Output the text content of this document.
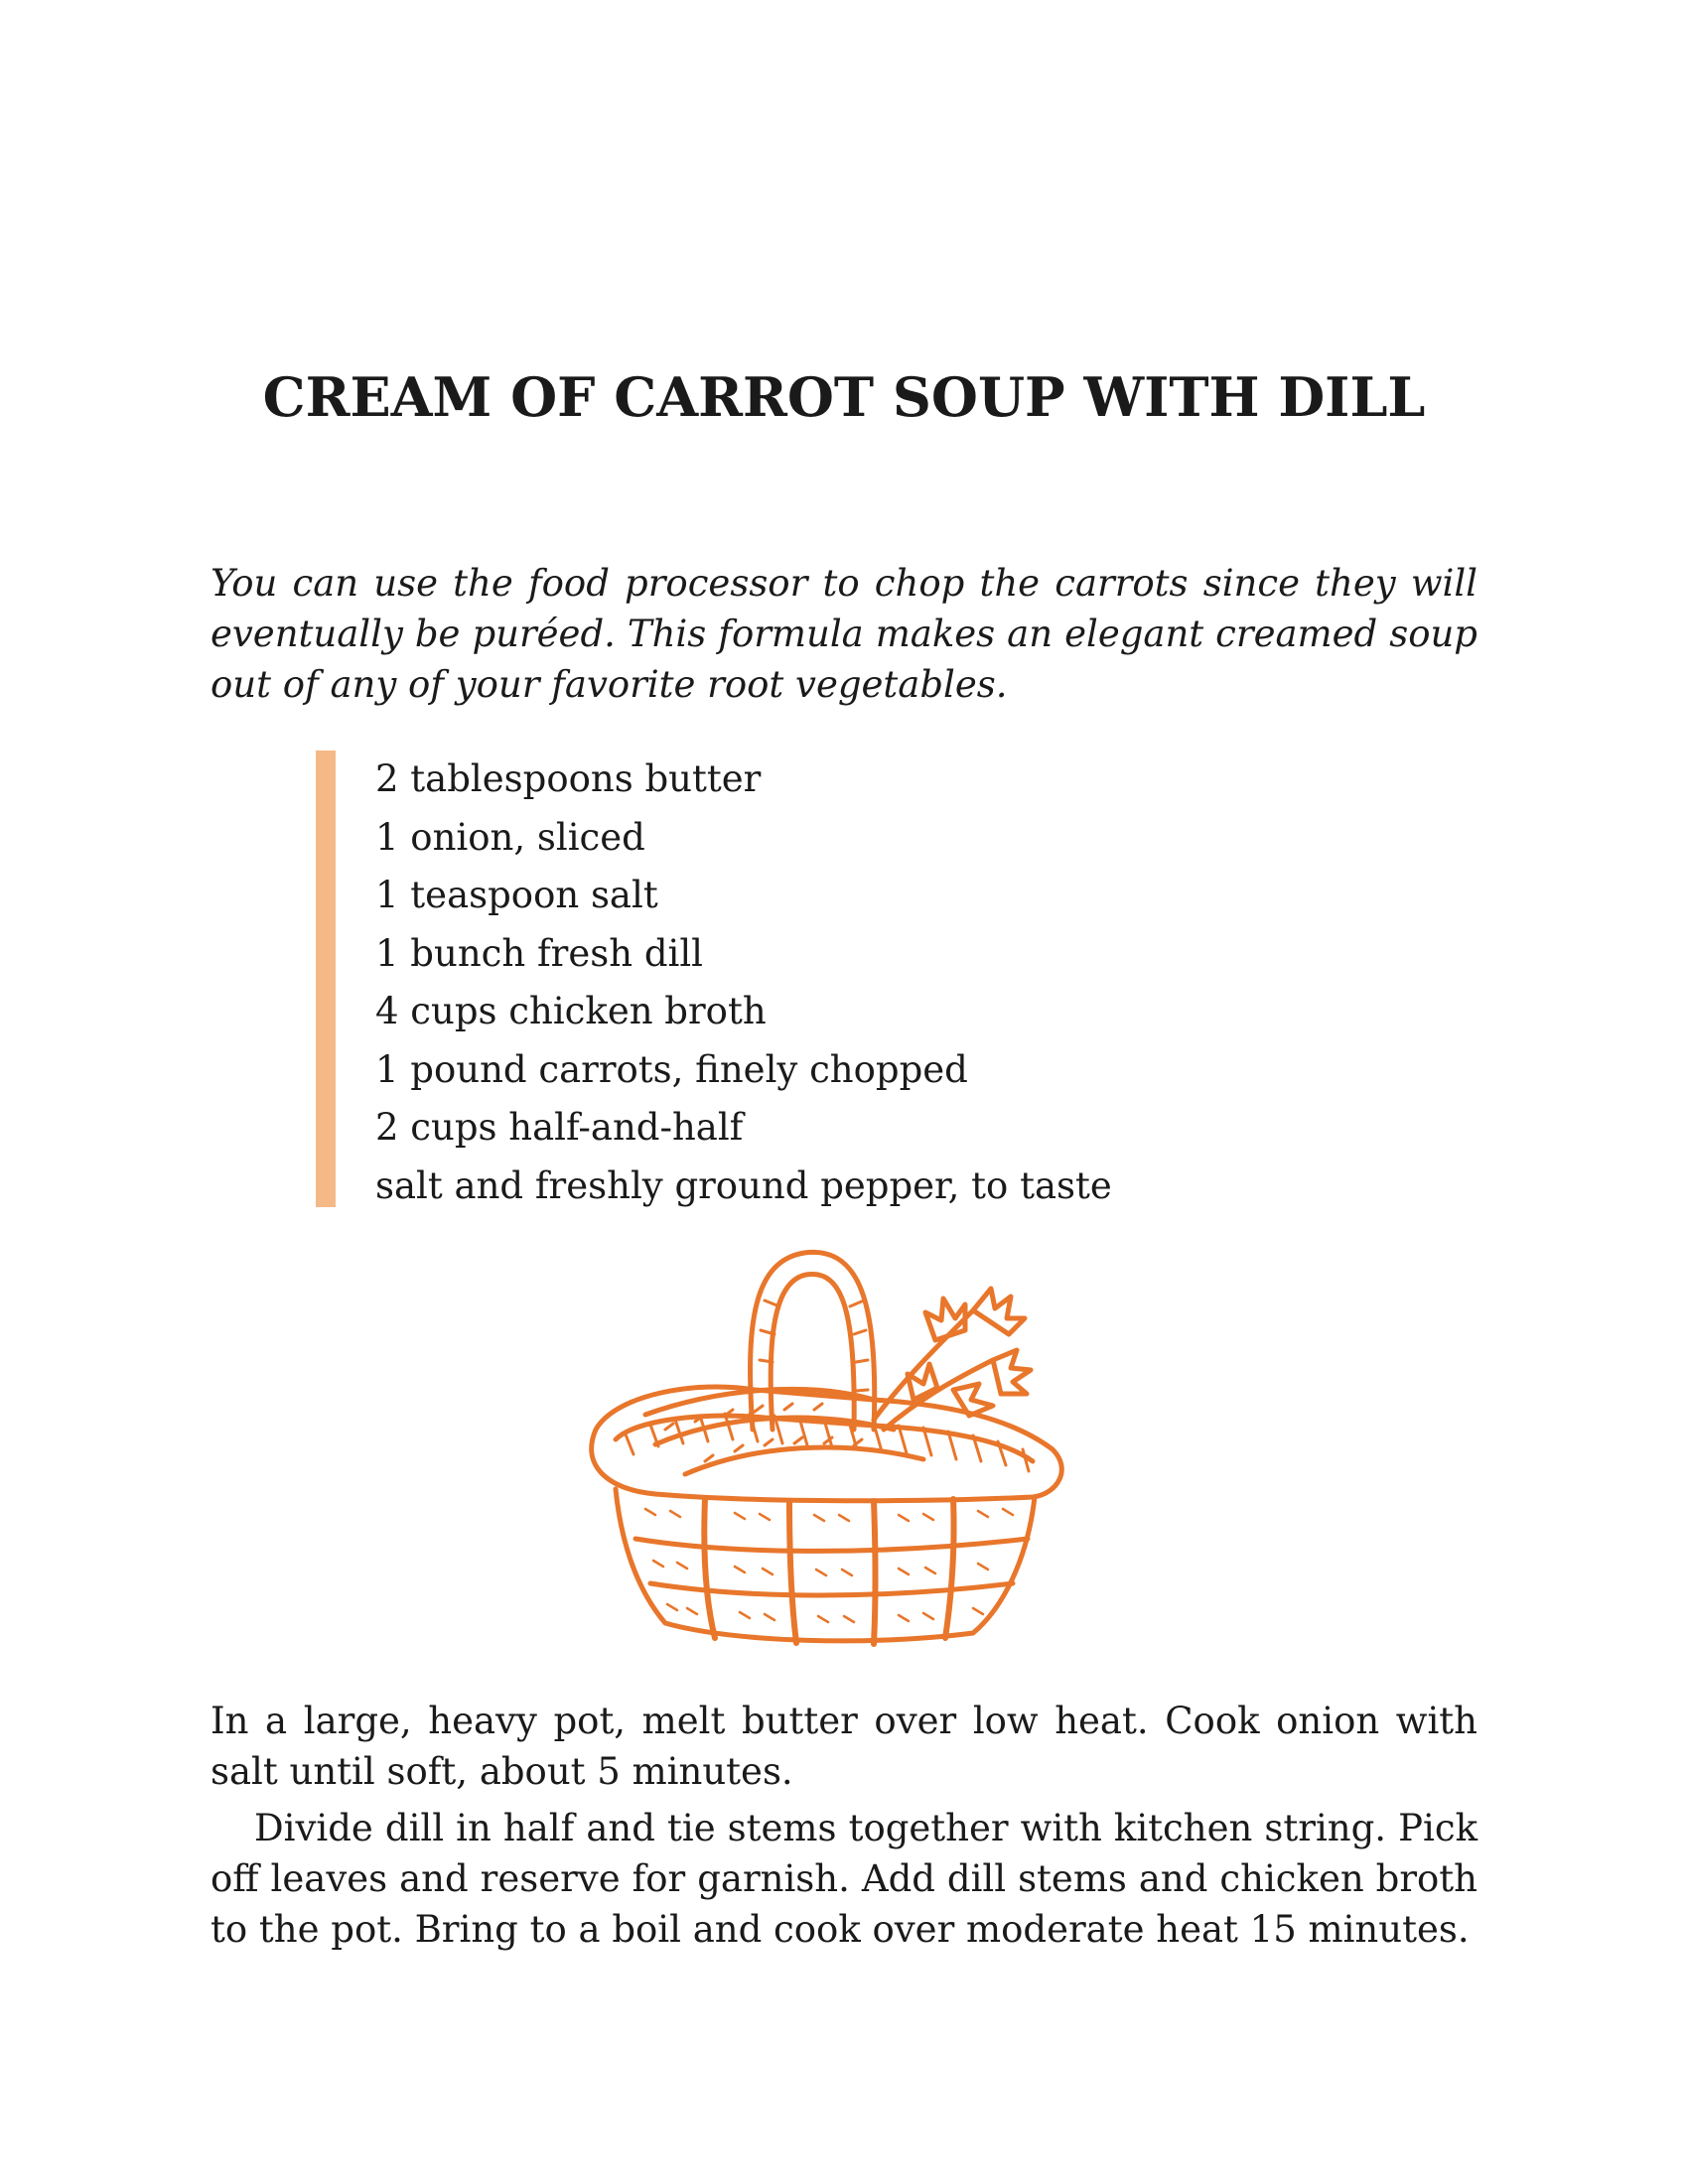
CREAM OF CARROT SOUP WITH DILL

You can use the food processor to chop the carrots since they will eventually be puréed. This formula makes an elegant creamed soup out of any of your favorite root vegetables.

2 tablespoons butter
1 onion, sliced
1 teaspoon salt
1 bunch fresh dill
4 cups chicken broth
1 pound carrots, finely chopped
2 cups half-and-half
salt and freshly ground pepper, to taste

In a large, heavy pot, melt butter over low heat. Cook onion with salt until soft, about 5 minutes.

Divide dill in half and tie stems together with kitchen string. Pick off leaves and reserve for garnish. Add dill stems and chicken broth to the pot. Bring to a boil and cook over moderate heat 15 minutes.
